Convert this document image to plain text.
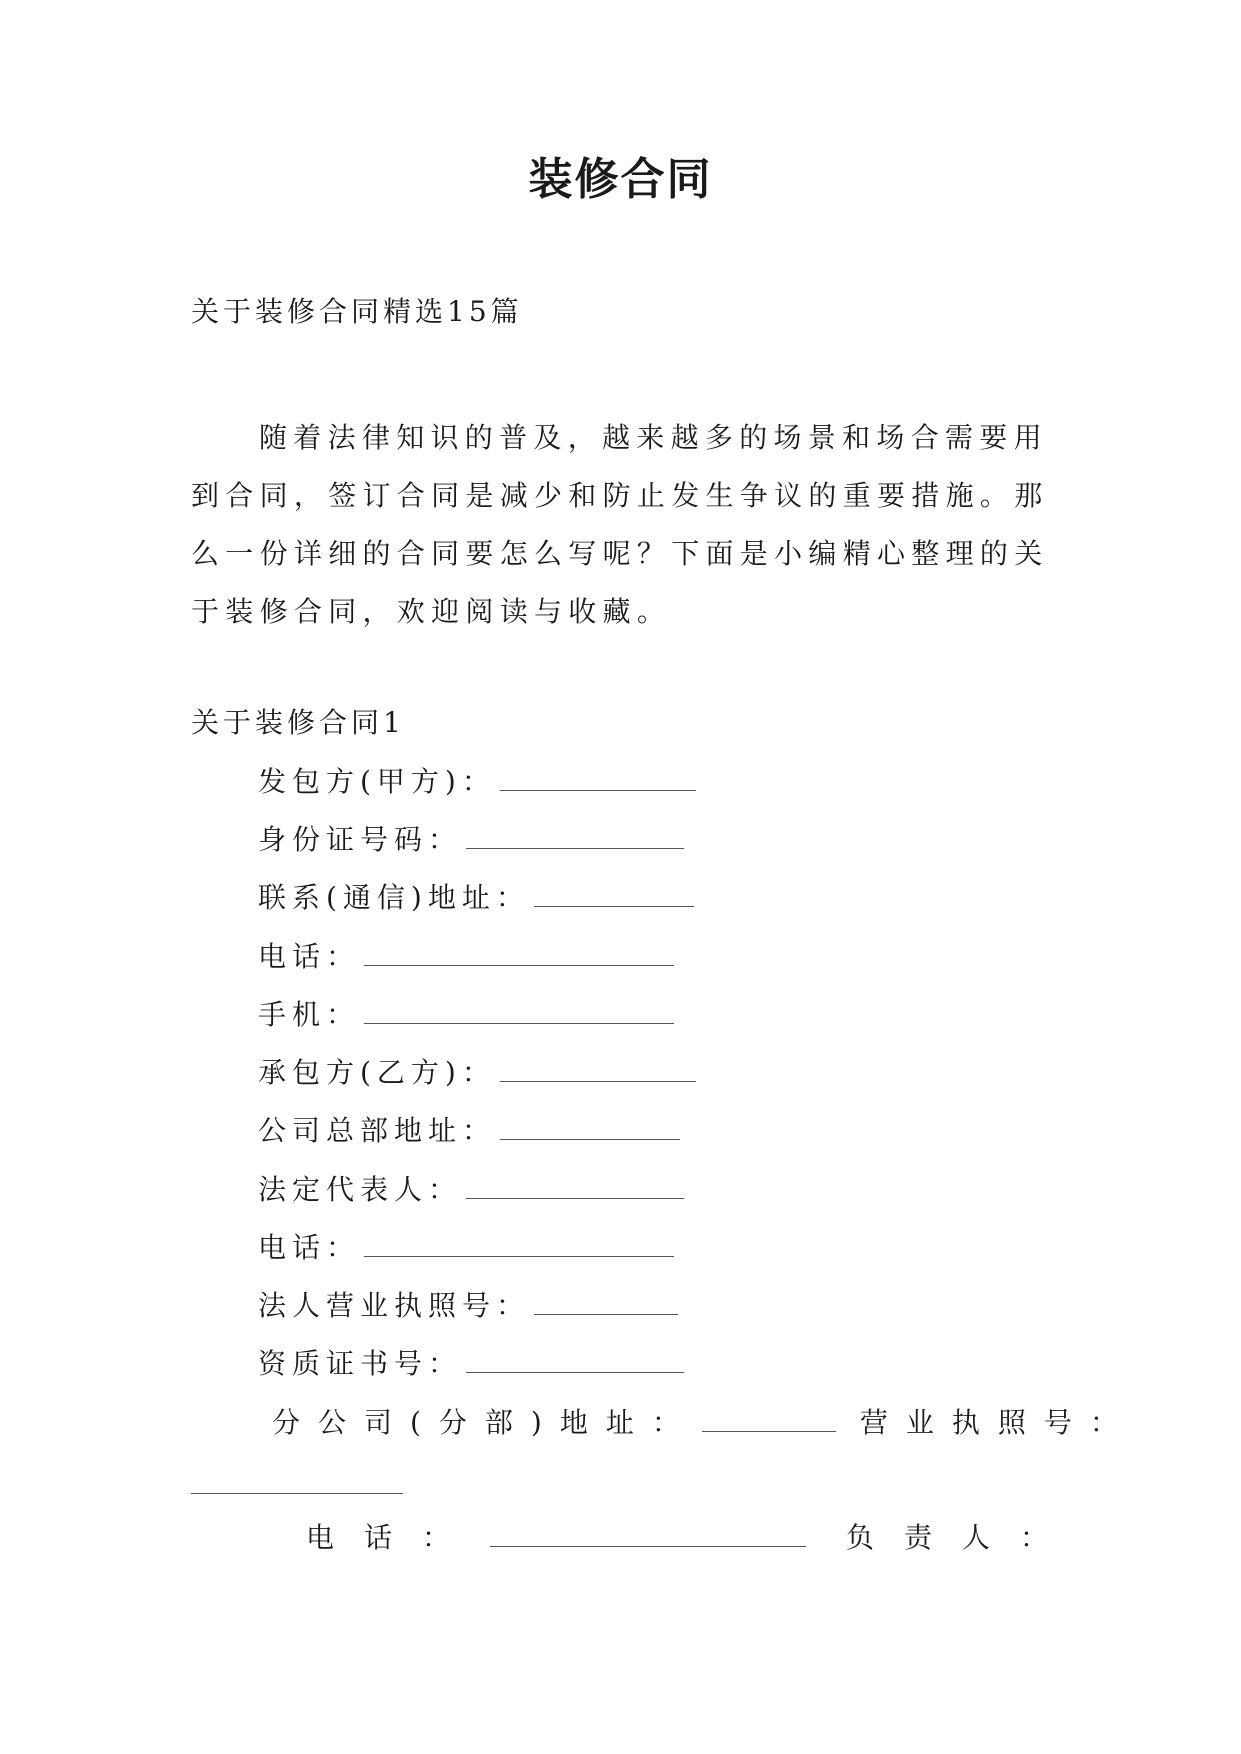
装修合同
关于装修合同精选15篇

随着法律知识的普及，越来越多的场景和场合需要用到合同，签订合同是减少和防止发生争议的重要措施。那么一份详细的合同要怎么写呢？下面是小编精心整理的关于装修合同，欢迎阅读与收藏。

关于装修合同1
发包方(甲方)：
身份证号码：
联系(通信)地址：
电话：
手机：
承包方(乙方)：
公司总部地址：
法定代表人：
电话：
法人营业执照号：
资质证书号：
分公司(分部)地址：	营业执照号：
电话：	负责人：
